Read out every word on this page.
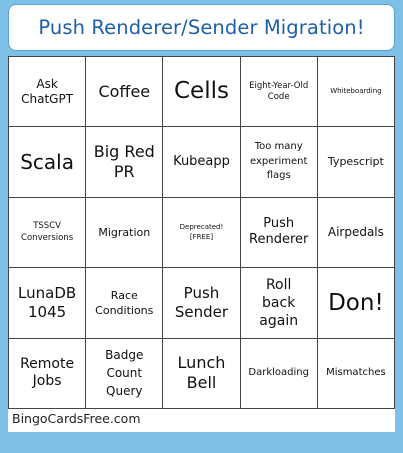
Push Renderer/Sender Migration!
Ask ChatGPT Coffee Cells Eight-Year-Old Code
Whiteboarding
Scala Big Red PR
Kubeapp
Too many experiment flags
Typescript
TSSCV Conversions	Migration	Deprecated! [FREE]
Push Renderer
Airpedals
LunaDB 1045
Race Conditions
Push Sender
Roll back again
Don!
Remote Jobs
Badge Count Query
Lunch Bell
Darkloading Mismatches
BingoCardsFree.com
